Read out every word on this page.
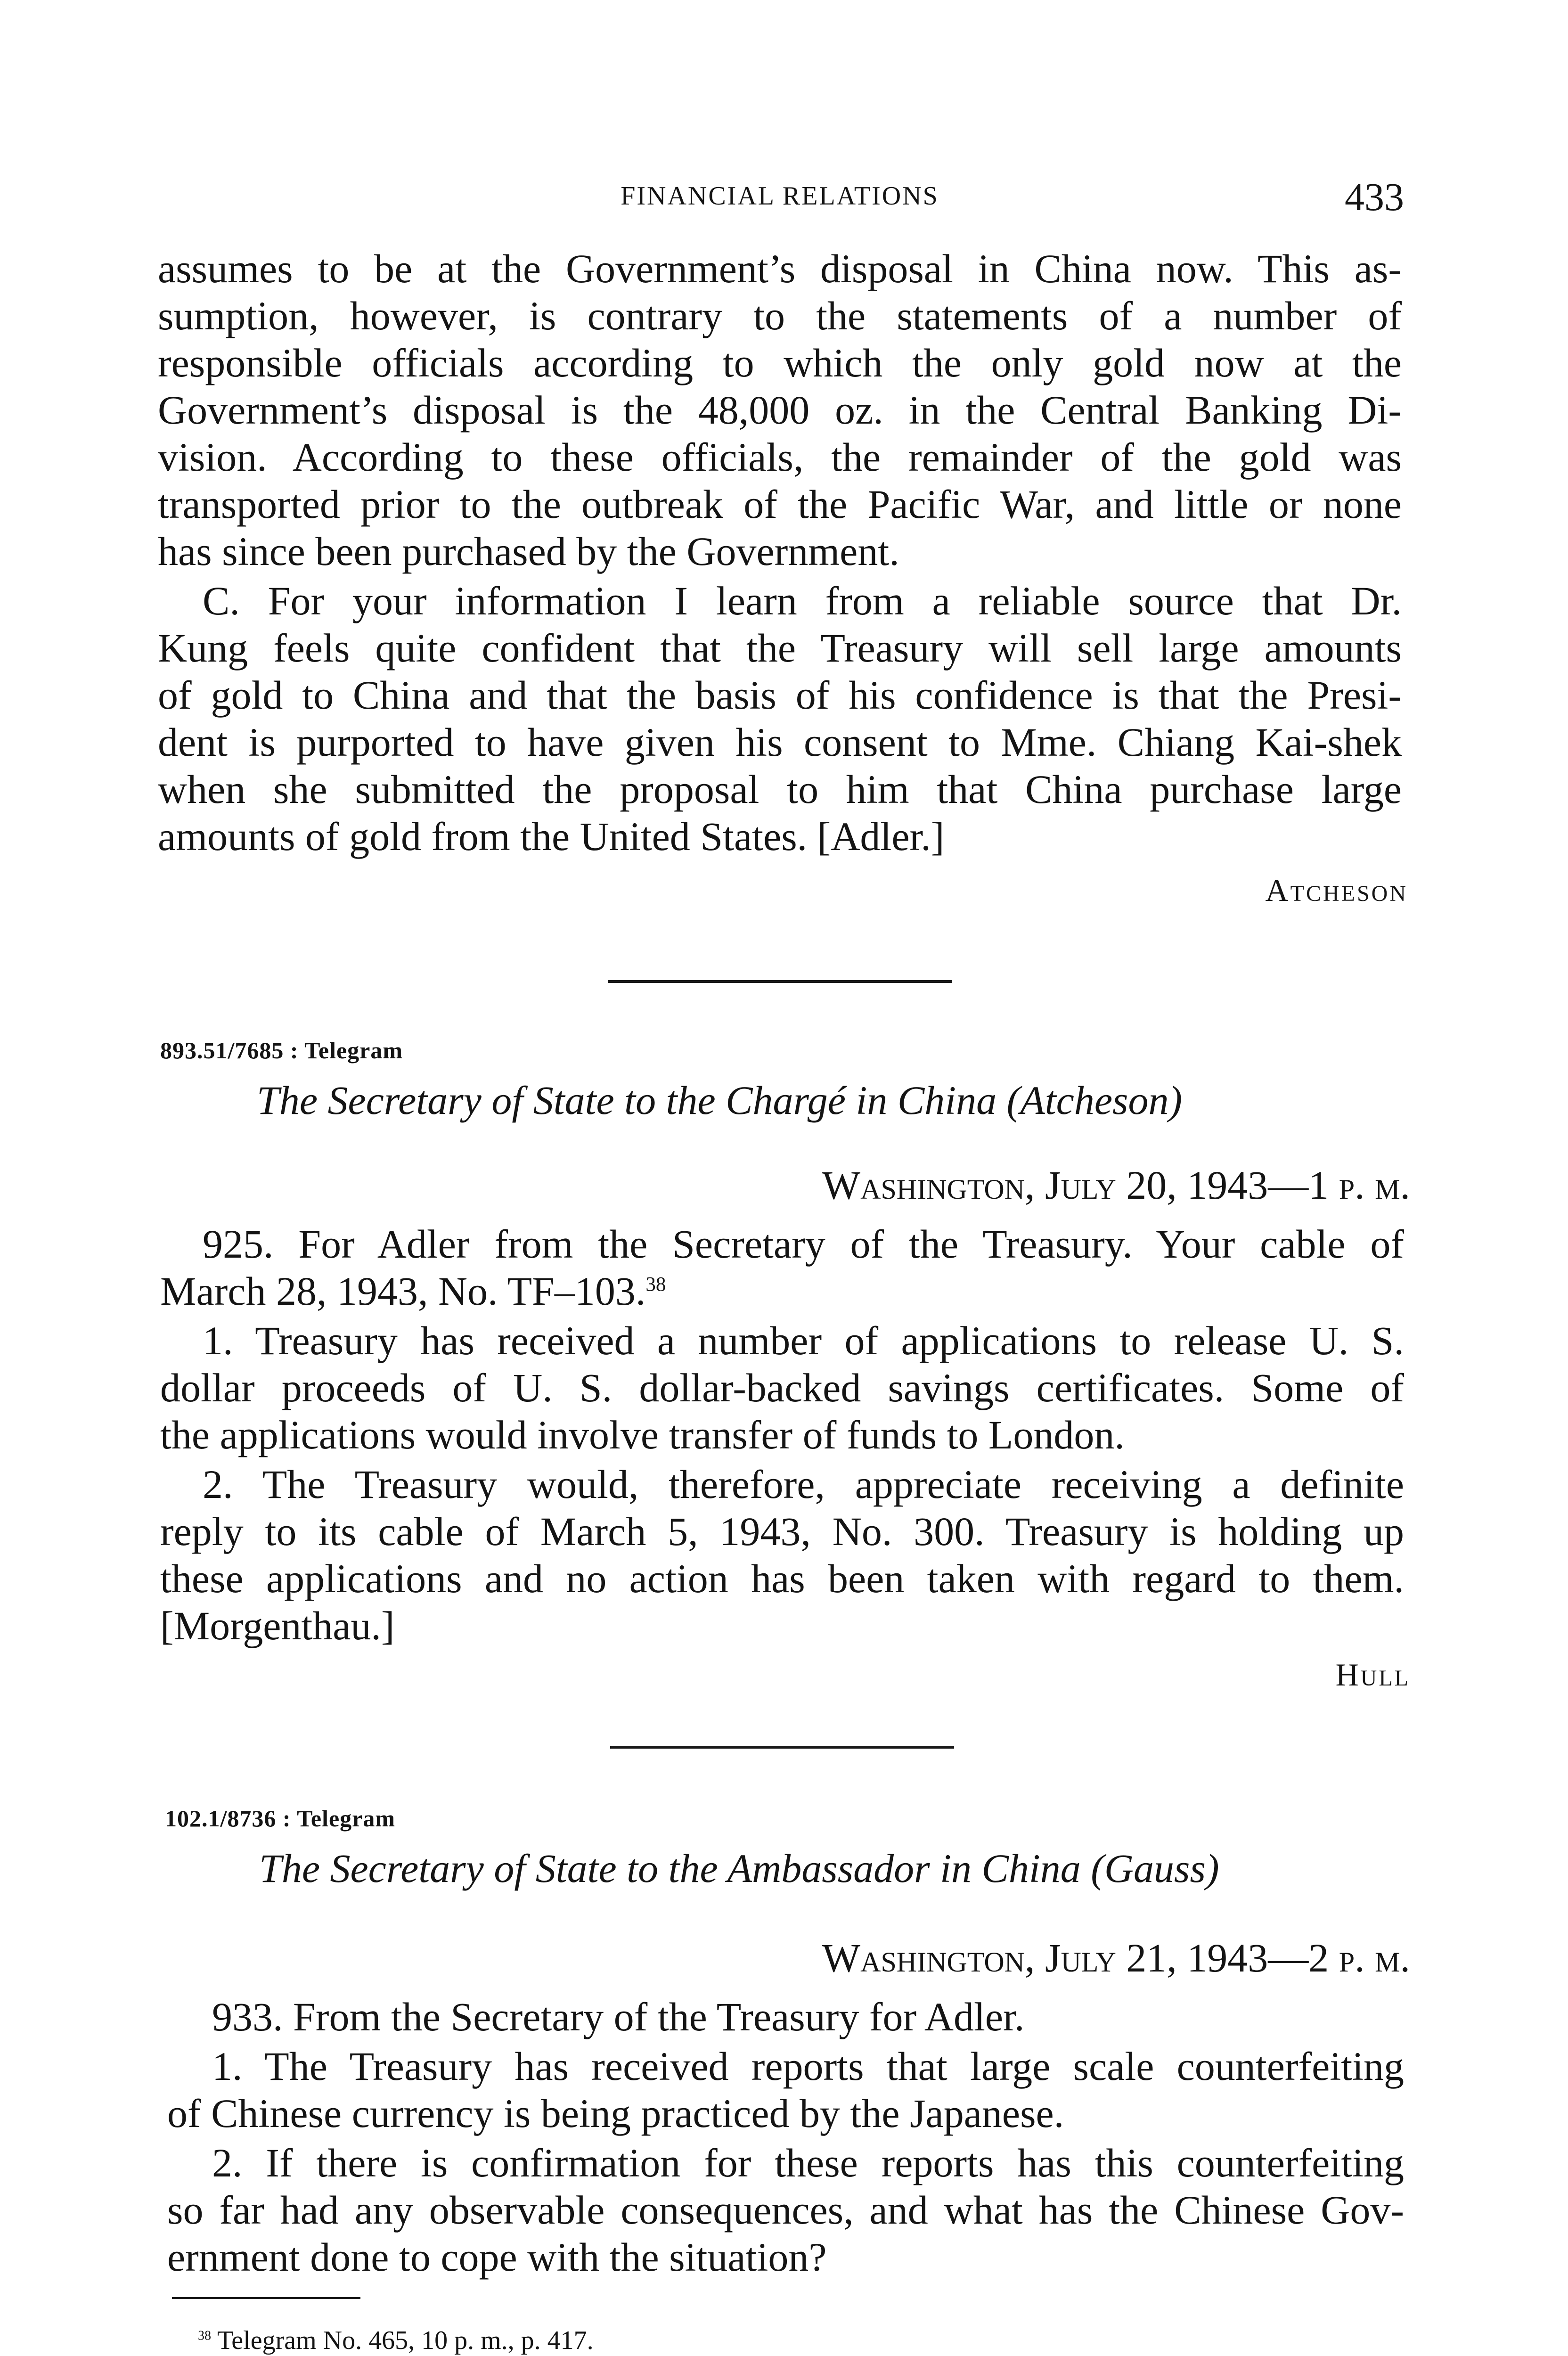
FINANCIAL RELATIONS	433
assumes to be at the Government’s disposal in China now. This as-
sumption, however, is contrary to the statements of a number of
responsible officials according to which the only gold now at the
Government’s disposal is the 48,000 oz. in the Central Banking Di-
vision. According to these officials, the remainder of the gold was
transported prior to the outbreak of the Pacific War, and little or none
has since been purchased by the Government.
C. For your information I learn from a reliable source that Dr.
Kung feels quite confident that the Treasury will sell large amounts
of gold to China and that the basis of his confidence is that the Presi-
dent is purported to have given his consent to Mme. Chiang Kai-shek
when she submitted the proposal to him that China purchase large
amounts of gold from the United States. [Adler.]
Atcheson
893.51/7685 : Telegram
The Secretary of State to the Chargé in China (Atcheson)
Washington, July 20, 1943—1 p. m.
925. For Adler from the Secretary of the Treasury. Your cable of
March 28, 1943, No. TF–103.38
1. Treasury has received a number of applications to release U. S.
dollar proceeds of U. S. dollar-backed savings certificates. Some of
the applications would involve transfer of funds to London.
2. The Treasury would, therefore, appreciate receiving a definite
reply to its cable of March 5, 1943, No. 300. Treasury is holding up
these applications and no action has been taken with regard to them.
[Morgenthau.]
Hull
102.1/8736 : Telegram
The Secretary of State to the Ambassador in China (Gauss)
Washington, July 21, 1943—2 p. m.
933. From the Secretary of the Treasury for Adler.
1. The Treasury has received reports that large scale counterfeiting
of Chinese currency is being practiced by the Japanese.
2. If there is confirmation for these reports has this counterfeiting
so far had any observable consequences, and what has the Chinese Gov-
ernment done to cope with the situation?
$^{38}$ Telegram No. 465, 10 p. m., p. 417.
